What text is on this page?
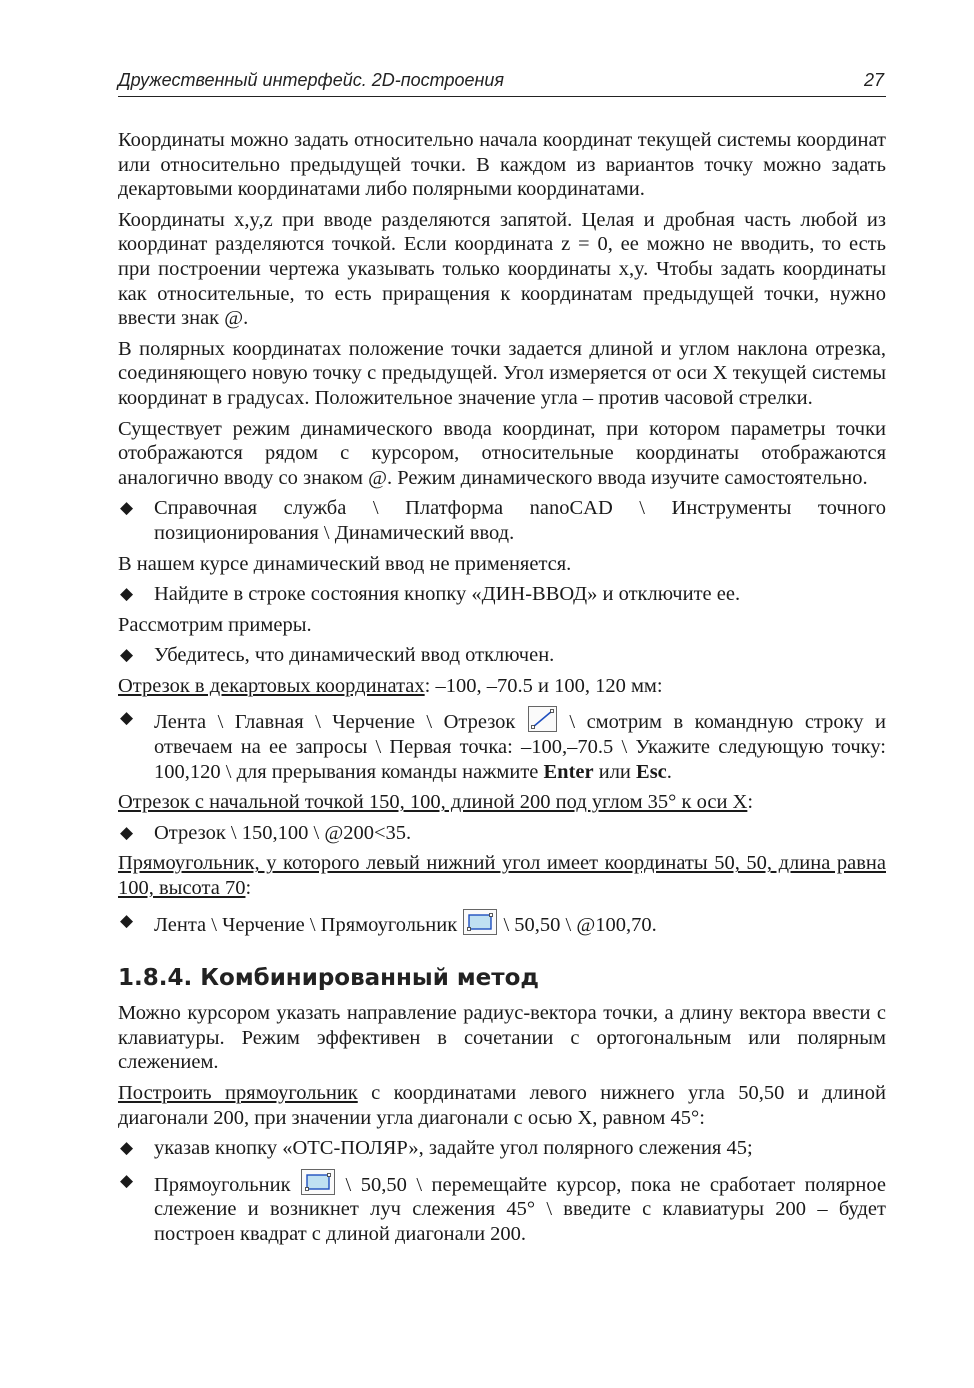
Дружественный интерфейс. 2D-построения	27

Координаты можно задать относительно начала координат текущей системы координат или относительно предыдущей точки. В каждом из вариантов точку можно задать декартовыми координатами либо полярными координатами.

Координаты x,y,z при вводе разделяются запятой. Целая и дробная часть любой из координат разделяются точкой. Если координата z = 0, ее можно не вводить, то есть при построении чертежа указывать только координаты x,y. Чтобы задать координаты как относительные, то есть приращения к координатам предыдущей точки, нужно ввести знак @.

В полярных координатах положение точки задается длиной и углом наклона отрезка, соединяющего новую точку с предыдущей. Угол измеряется от оси X текущей системы координат в градусах. Положительное значение угла – против часовой стрелки.

Существует режим динамического ввода координат, при котором параметры точки отображаются рядом с курсором, относительные координаты отображаются аналогично вводу со знаком @. Режим динамического ввода изучите самостоятельно.

◆ Справочная служба \ Платформа nanoCAD \ Инструменты точного позиционирования \ Динамический ввод.

В нашем курсе динамический ввод не применяется.

◆ Найдите в строке состояния кнопку «ДИН-ВВОД» и отключите ее.

Рассмотрим примеры.

◆ Убедитесь, что динамический ввод отключен.

Отрезок в декартовых координатах: –100, –70.5 и 100, 120 мм:

◆ Лента \ Главная \ Черчение \ Отрезок	\ смотрим в командную строку и отвечаем на ее запросы \ Первая точка: –100,–70.5 \ Укажите следующую точку: 100,120 \ для прерывания команды нажмите Enter или Esc.

Отрезок с начальной точкой 150, 100, длиной 200 под углом 35° к оси X:

◆ Отрезок \ 150,100 \ @200<35.

Прямоугольник, у которого левый нижний угол имеет координаты 50, 50, длина равна 100, высота 70:

◆ Лента \ Черчение \ Прямоугольник \ 50,50 \ @100,70.
1.8.4. Комбинированный метод

Можно курсором указать направление радиус-вектора точки, а длину вектора ввести с клавиатуры. Режим эффективен в сочетании с ортогональным или полярным слежением.

Построить прямоугольник с координатами левого нижнего угла 50,50 и длиной диагонали 200, при значении угла диагонали с осью X, равном 45°:

◆ указав кнопку «ОТС-ПОЛЯР», задайте угол полярного слежения 45;
◆ Прямоугольник	\ 50,50 \ перемещайте курсор, пока не сработает полярное слежение и возникнет луч слежения 45° \ введите с клавиатуры 200 – будет построен квадрат с длиной диагонали 200.
